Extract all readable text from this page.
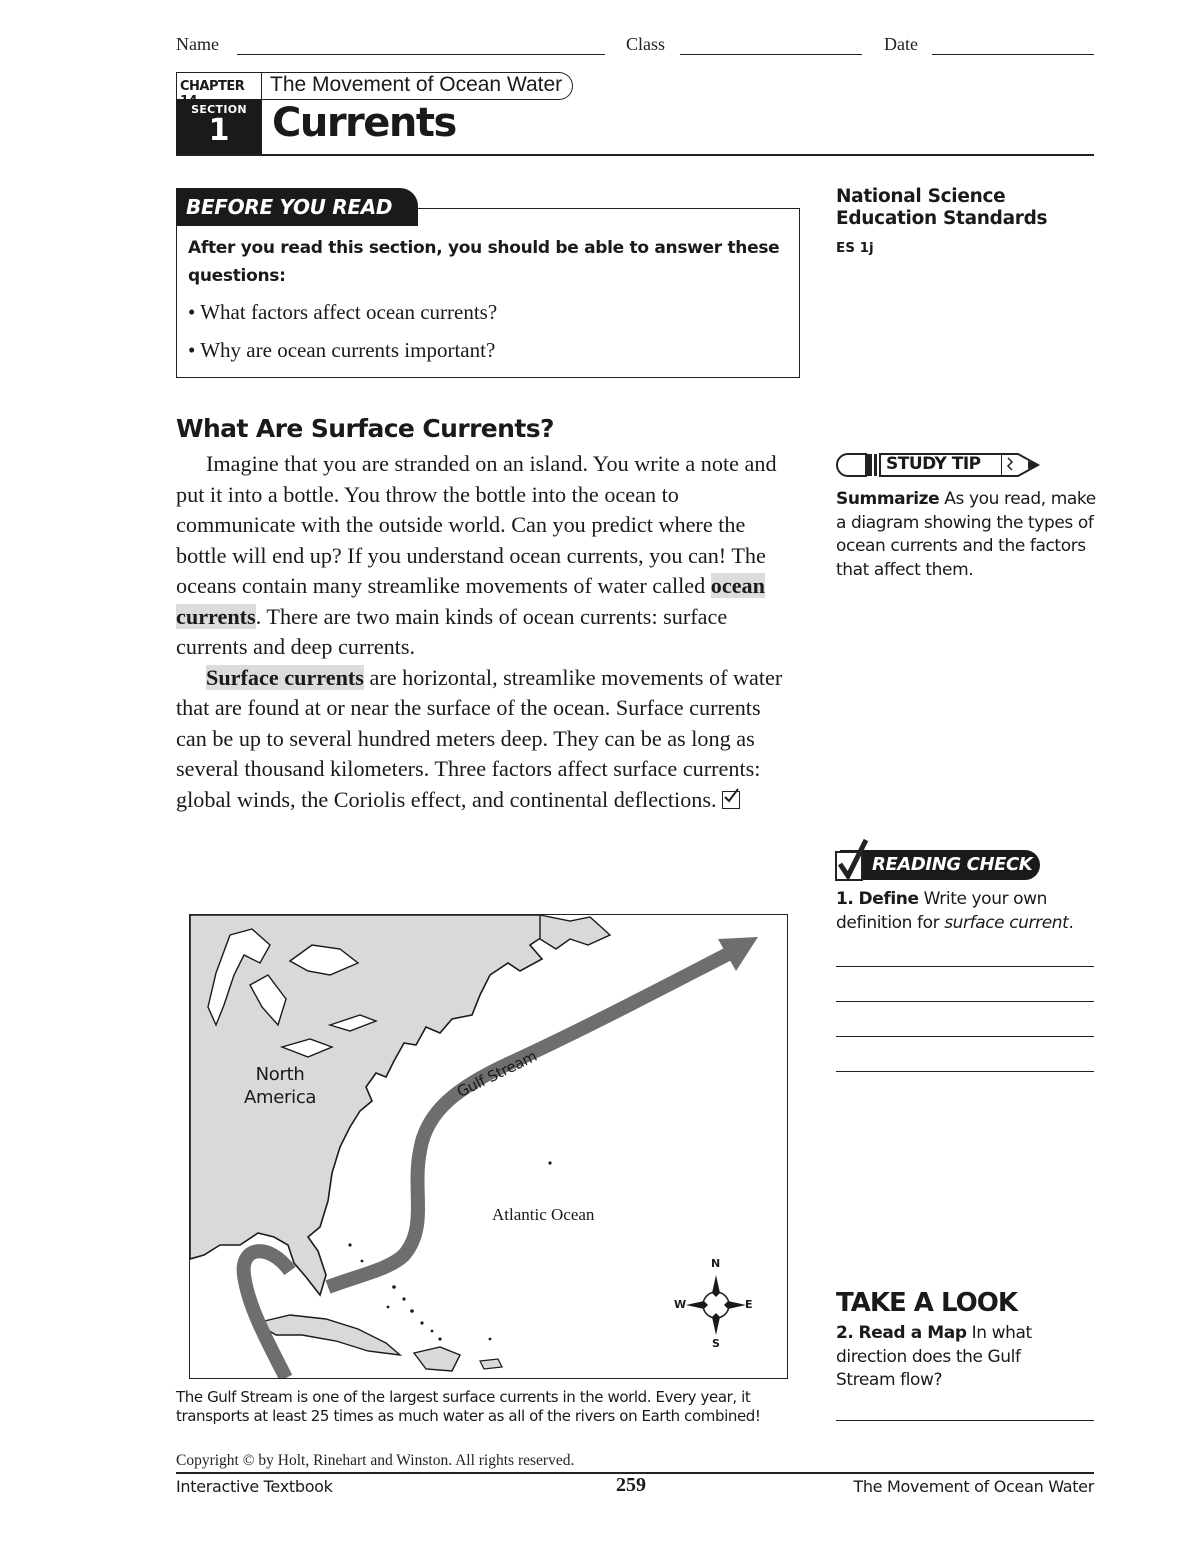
Name	Class	Date
CHAPTER	The Movement of Ocean Water
SECTION
1	Currents
BEFORE YOU READ
After you read this section, you should be able to answer these questions:
• What factors affect ocean currents?
• Why are ocean currents important?
National Science
Education Standards
ES 1j
What Are Surface Currents?

Imagine that you are stranded on an island. You write a note and put it into a bottle. You throw the bottle into the ocean to communicate with the outside world. Can you predict where the bottle will end up? If you understand ocean currents, you can! The oceans contain many streamlike movements of water called ocean currents. There are two main kinds of ocean currents: surface currents and deep currents.

Surface currents are horizontal, streamlike movements of water that are found at or near the surface of the ocean. Surface currents can be up to several hundred meters deep. They can be as long as several thousand kilometers. Three factors affect surface currents: global winds, the Coriolis effect, and continental deflections.

STUDY TIP
Summarize As you read, make a diagram showing the types of ocean currents and the factors that affect them.
READING CHECK
1. Define Write your own definition for surface current.
North
America	Gulf Stream
Atlantic Ocean
N
S
E
W
The Gulf Stream is one of the largest surface currents in the world. Every year, it transports at least 25 times as much water as all of the rivers on Earth combined!
TAKE A LOOK
2. Read a Map In what direction does the Gulf Stream flow?
Copyright © by Holt, Rinehart and Winston. All rights reserved.
Interactive Textbook	259	The Movement of Ocean Water
